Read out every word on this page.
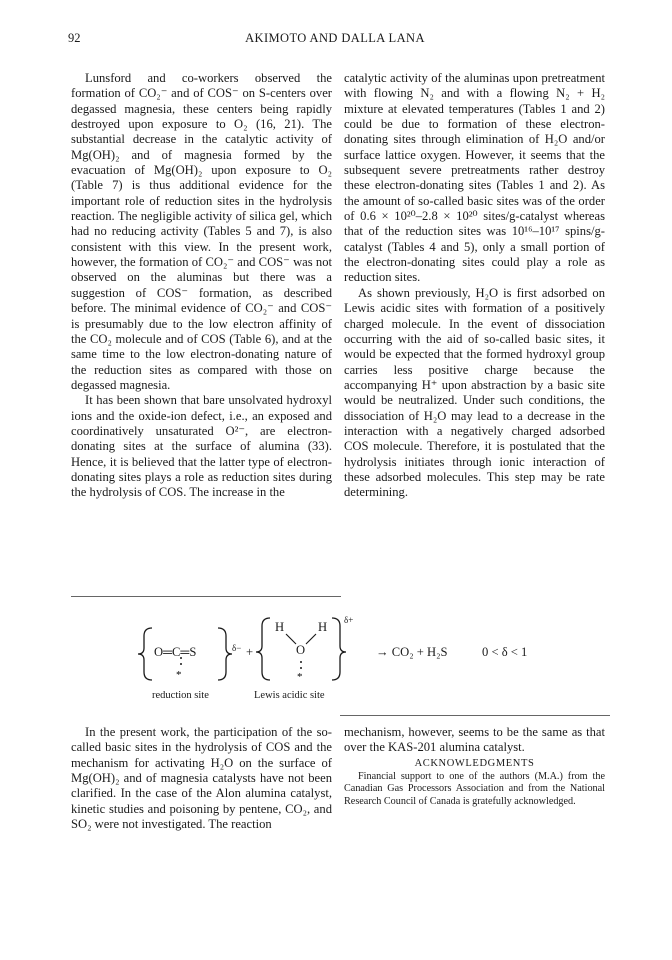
92	AKIMOTO AND DALLA LANA

Lunsford and co-workers observed the formation of CO₂⁻ and of COS⁻ on S-centers over degassed magnesia, these centers being rapidly destroyed upon exposure to O₂ (16, 21). The substantial decrease in the catalytic activity of Mg(OH)₂ and of magnesia formed by the evacuation of Mg(OH)₂ upon exposure to O₂ (Table 7) is thus additional evidence for the important role of reduction sites in the hydrolysis reaction. The negligible activity of silica gel, which had no reducing activity (Tables 5 and 7), is also consistent with this view. In the present work, however, the formation of CO₂⁻ and COS⁻ was not observed on the aluminas but there was a suggestion of COS⁻ formation, as described before. The minimal evidence of CO₂⁻ and COS⁻ is presumably due to the low electron affinity of the CO₂ molecule and of COS (Table 6), and at the same time to the low electron-donating nature of the reduction sites as compared with those on degassed magnesia.

It has been shown that bare unsolvated hydroxyl ions and the oxide-ion defect, i.e., an exposed and coordinatively unsaturated O²⁻, are electron-donating sites at the surface of alumina (33). Hence, it is believed that the latter type of electron-donating sites plays a role as reduction sites during the hydrolysis of COS. The increase in the

catalytic activity of the aluminas upon pretreatment with flowing N₂ and with a flowing N₂ + H₂ mixture at elevated temperatures (Tables 1 and 2) could be due to formation of these electron-donating sites through elimination of H₂O and/or surface lattice oxygen. However, it seems that the subsequent severe pretreatments rather destroy these electron-donating sites (Tables 1 and 2). As the amount of so-called basic sites was of the order of 0.6 × 10²⁰–2.8 × 10²⁰ sites/g-catalyst whereas that of the reduction sites was 10¹⁶–10¹⁷ spins/g-catalyst (Tables 4 and 5), only a small portion of the electron-donating sites could play a role as reduction sites.

As shown previously, H₂O is first adsorbed on Lewis acidic sites with formation of a positively charged molecule. In the event of dissociation occurring with the aid of so-called basic sites, it would be expected that the formed hydroxyl group carries less positive charge because the accompanying H⁺ upon abstraction by a basic site would be neutralized. Under such conditions, the dissociation of H₂O may lead to a decrease in the interaction with a negatively charged adsorbed COS molecule. Therefore, it is postulated that the hydrolysis initiates through ionic interaction of these adsorbed molecules. This step may be rate determining.

*	*
O═C═S	δ− +
H
O
H δ+
→ CO₂ + H₂S	0 < δ < 1
reduction site	Lewis acidic site

In the present work, the participation of the so-called basic sites in the hydrolysis of COS and the mechanism for activating H₂O on the surface of Mg(OH)₂ and of magnesia catalysts have not been clarified. In the case of the Alon alumina catalyst, kinetic studies and poisoning by pentene, CO₂, and SO₂ were not investigated. The reaction

mechanism, however, seems to be the same as that over the KAS-201 alumina catalyst.

ACKNOWLEDGMENTS

Financial support to one of the authors (M.A.) from the Canadian Gas Processors Association and from the National Research Council of Canada is gratefully acknowledged.
